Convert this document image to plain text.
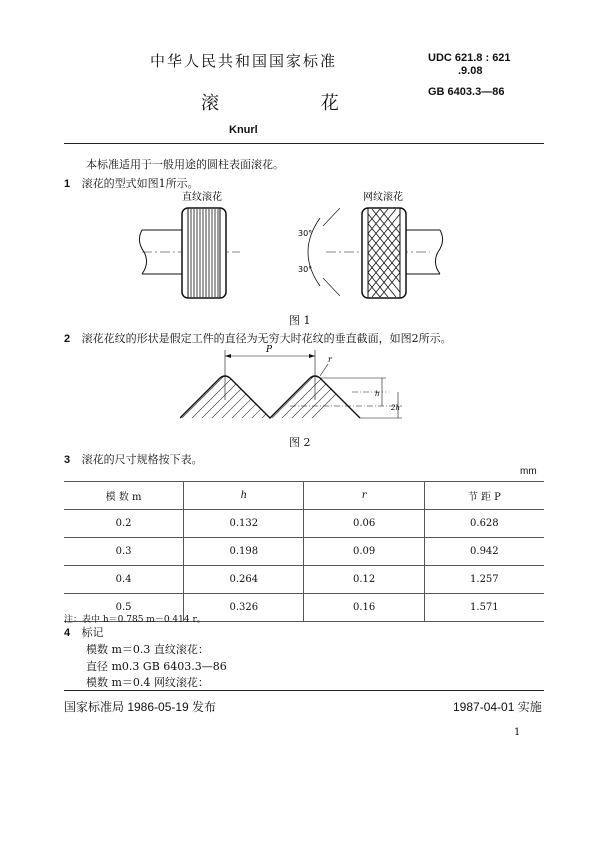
中华人民共和国国家标准	UDC 621.8 : 621
.9.08
GB 6403.3—86
滚 花
Knurl
本标准适用于一般用途的圆柱表面滚花。
1 滚花的型式如图1所示。
直纹滚花	网纹滚花
30°
30°
图 1
2 滚花花纹的形状是假定工件的直径为无穷大时花纹的垂直截面，如图2所示。
P
r
h
2h
图 2
3 滚花的尺寸规格按下表。
mm
模 数 m	h	r	节 距 P
0.2	0.132	0.06	0.628
0.3	0.198	0.09	0.942
0.4	0.264	0.12	1.257
0.5	0.326	0.16	1.571
注：表中 h＝0.785 m－0.414 r。
4 标记
模数 m＝0.3 直纹滚花：
直径 m0.3 GB 6403.3—86
模数 m＝0.4 网纹滚花：
国家标准局 1986-05-19 发布	1987-04-01 实施
1
